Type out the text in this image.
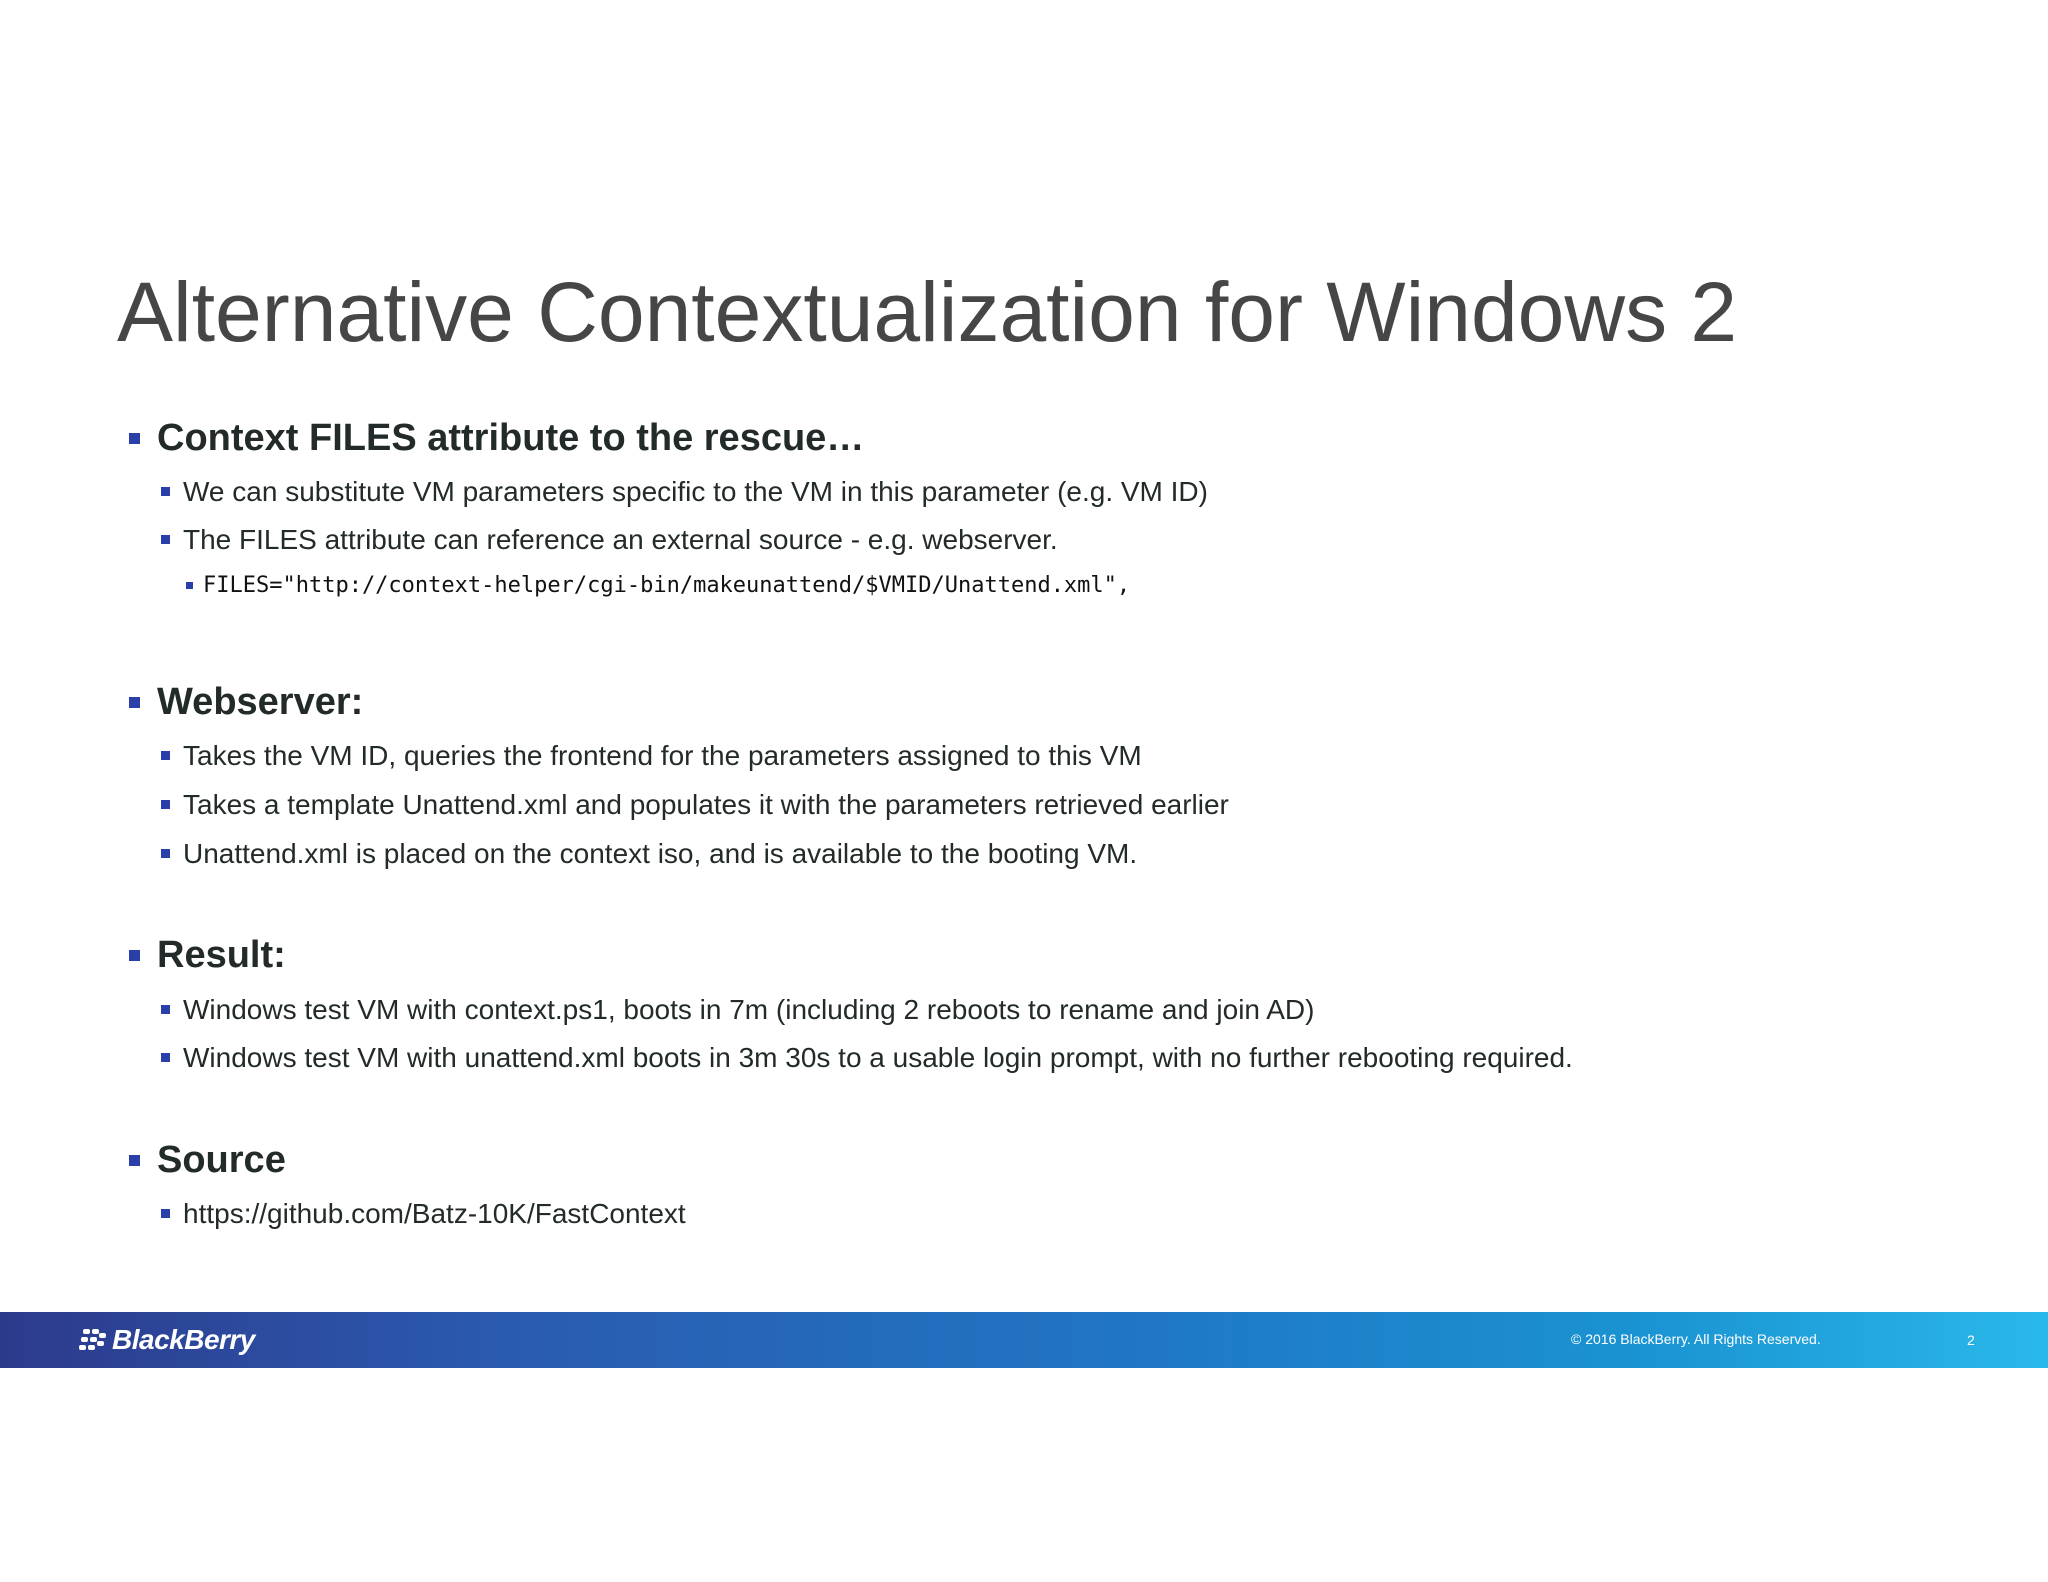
Alternative Contextualization for Windows 2
Context FILES attribute to the rescue…
We can substitute VM parameters specific to the VM in this parameter (e.g. VM ID)
The FILES attribute can reference an external source - e.g. webserver.
FILES="http://context-helper/cgi-bin/makeunattend/$VMID/Unattend.xml",
Webserver:
Takes the VM ID, queries the frontend for the parameters assigned to this VM
Takes a template Unattend.xml and populates it with the parameters retrieved earlier
Unattend.xml is placed on the context iso, and is available to the booting VM.
Result:
Windows test VM with context.ps1, boots in 7m (including 2 reboots to rename and join AD)
Windows test VM with unattend.xml boots in 3m 30s to a usable login prompt, with no further rebooting required.
Source
https://github.com/Batz-10K/FastContext
BlackBerry	© 2016 BlackBerry. All Rights Reserved.	2
